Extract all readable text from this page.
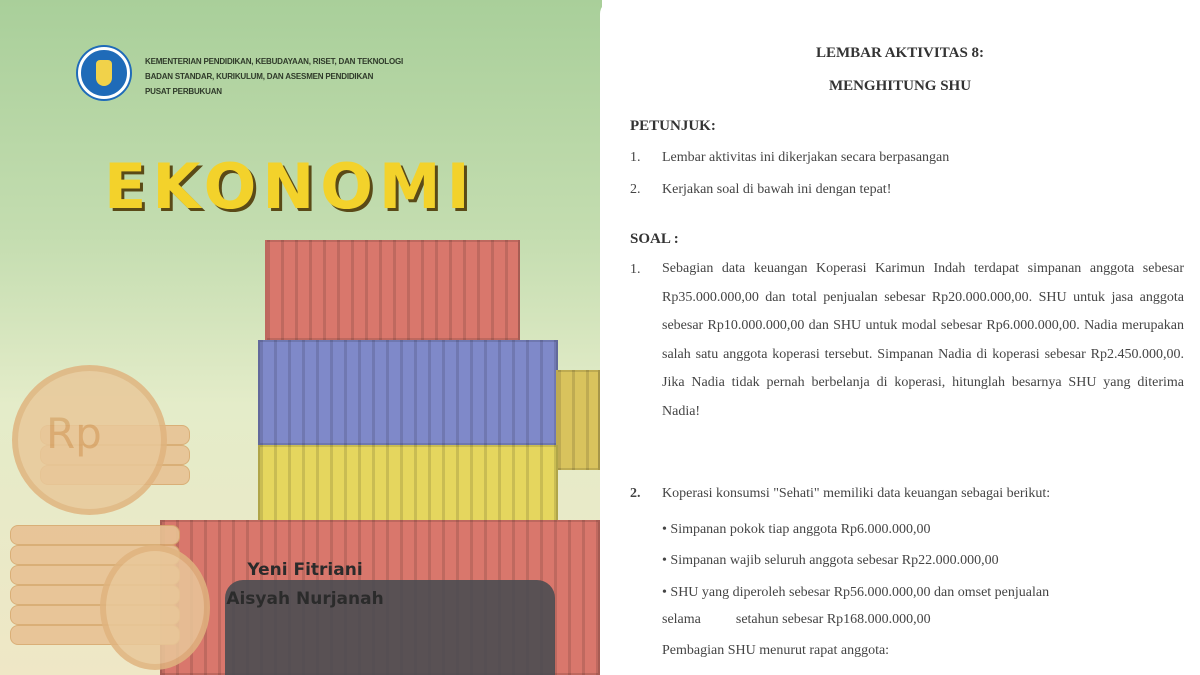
KEMENTERIAN PENDIDIKAN, KEBUDAYAAN, RISET, DAN TEKNOLOGI
BADAN STANDAR, KURIKULUM, DAN ASESMEN PENDIDIKAN
PUSAT PERBUKUAN
EKONOMI
Rp
Yeni Fitriani
Aisyah Nurjanah
LEMBAR AKTIVITAS 8:
MENGHITUNG SHU
PETUNJUK:
1. Lembar aktivitas ini dikerjakan secara berpasangan
2. Kerjakan soal di bawah ini dengan tepat!
SOAL :
1. Sebagian data keuangan Koperasi Karimun Indah terdapat simpanan anggota sebesar Rp35.000.000,00 dan total penjualan sebesar Rp20.000.000,00. SHU untuk jasa anggota sebesar Rp10.000.000,00 dan SHU untuk modal sebesar Rp6.000.000,00. Nadia merupakan salah satu anggota koperasi tersebut. Simpanan Nadia di koperasi sebesar Rp2.450.000,00. Jika Nadia tidak pernah berbelanja di koperasi, hitunglah besarnya SHU yang diterima Nadia!
2. Koperasi konsumsi "Sehati" memiliki data keuangan sebagai berikut:
• Simpanan pokok tiap anggota Rp6.000.000,00
• Simpanan wajib seluruh anggota sebesar Rp22.000.000,00
• SHU yang diperoleh sebesar Rp56.000.000,00 dan omset penjualan
selama          setahun sebesar Rp168.000.000,00
Pembagian SHU menurut rapat anggota:
